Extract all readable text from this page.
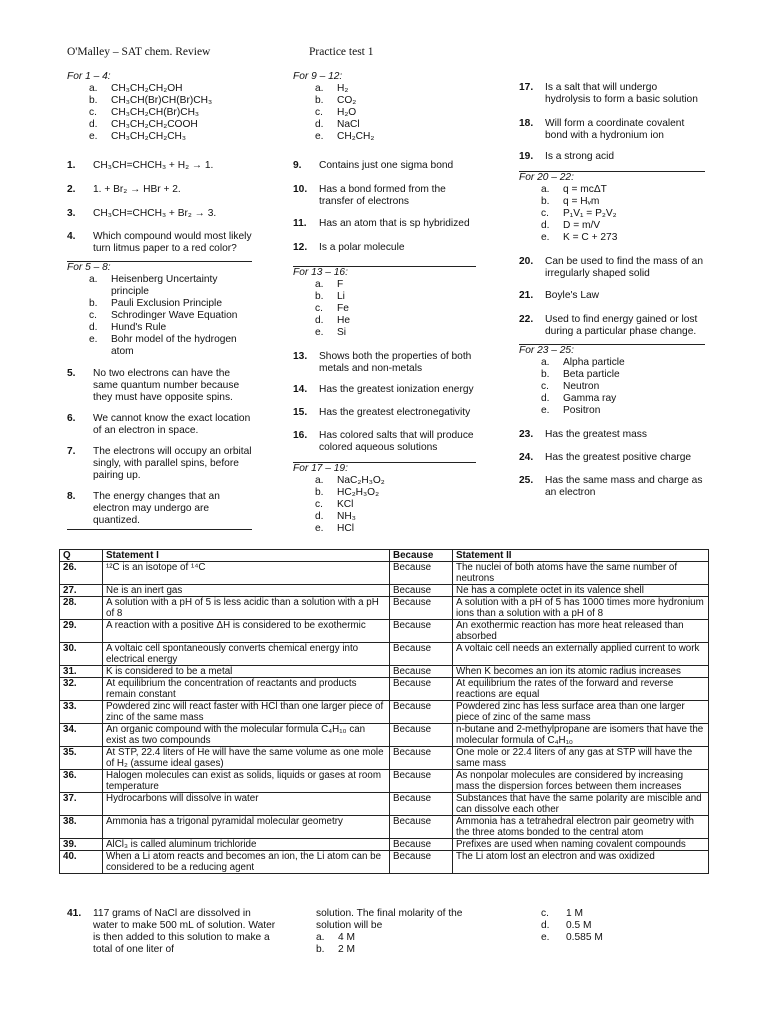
O'Malley – SAT chem. Review	Practice test 1
For 1 – 4:
a.	CH₃CH₂CH₂OH
b.	CH₃CH(Br)CH(Br)CH₃
c.	CH₃CH₂CH(Br)CH₃
d.	CH₃CH₂CH₂COOH
e.	CH₃CH₂CH₂CH₃
1.	CH₃CH=CHCH₃ + H₂ → 1.
2.	1. + Br₂ → HBr + 2.
3.	CH₃CH=CHCH₃ + Br₂ → 3.
4.	Which compound would most likely turn litmus paper to a red color?
For 5 – 8:
a.	Heisenberg Uncertainty principle
b.	Pauli Exclusion Principle
c.	Schrodinger Wave Equation
d.	Hund's Rule
e.	Bohr model of the hydrogen atom
5.	No two electrons can have the same quantum number because they must have opposite spins.
6.	We cannot know the exact location of an electron in space.
7.	The electrons will occupy an orbital singly, with parallel spins, before pairing up.
8.	The energy changes that an electron may undergo are quantized.
For 9 – 12:
a.	H₂
b.	CO₂
c.	H₂O
d.	NaCl
e.	CH₂CH₂
9.	Contains just one sigma bond
10.	Has a bond formed from the transfer of electrons
11.	Has an atom that is sp hybridized
12.	Is a polar molecule
For 13 – 16:
a.	F
b.	Li
c.	Fe
d.	He
e.	Si
13.	Shows both the properties of both metals and non-metals
14.	Has the greatest ionization energy
15.	Has the greatest electronegativity
16.	Has colored salts that will produce colored aqueous solutions
For 17 – 19:
a.	NaC₂H₃O₂
b.	HC₂H₃O₂
c.	KCl
d.	NH₃
e.	HCl
17.	Is a salt that will undergo hydrolysis to form a basic solution
18.	Will form a coordinate covalent bond with a hydronium ion
19.	Is a strong acid
For 20 – 22:
a.	q = mcΔT
b.	q = Hᵥm
c.	P₁V₁ = P₂V₂
d.	D = m/V
e.	K = C + 273
20.	Can be used to find the mass of an irregularly shaped solid
21.	Boyle's Law
22.	Used to find energy gained or lost during a particular phase change.
For 23 – 25:
a.	Alpha particle
b.	Beta particle
c.	Neutron
d.	Gamma ray
e.	Positron
23.	Has the greatest mass
24.	Has the greatest positive charge
25.	Has the same mass and charge as an electron
Q	Statement I	Because	Statement II
26.	¹²C is an isotope of ¹⁴C	Because	The nuclei of both atoms have the same number of neutrons
27.	Ne is an inert gas	Because	Ne has a complete octet in its valence shell
28.	A solution with a pH of 5 is less acidic than a solution with a pH of 8	Because	A solution with a pH of 5 has 1000 times more hydronium ions than a solution with a pH of 8
29.	A reaction with a positive ΔH is considered to be exothermic	Because	An exothermic reaction has more heat released than absorbed
30.	A voltaic cell spontaneously converts chemical energy into electrical energy	Because	A voltaic cell needs an externally applied current to work
31.	K is considered to be a metal	Because	When K becomes an ion its atomic radius increases
32.	At equilibrium the concentration of reactants and products remain constant	Because	At equilibrium the rates of the forward and reverse reactions are equal
33.	Powdered zinc will react faster with HCl than one larger piece of zinc of the same mass	Because	Powdered zinc has less surface area than one larger piece of zinc of the same mass
34.	An organic compound with the molecular formula C₄H₁₀ can exist as two compounds	Because	n-butane and 2-methylpropane are isomers that have the molecular formula of C₄H₁₀
35.	At STP, 22.4 liters of He will have the same volume as one mole of H₂ (assume ideal gases)	Because	One mole or 22.4 liters of any gas at STP will have the same mass
36.	Halogen molecules can exist as solids, liquids or gases at room temperature	Because	As nonpolar molecules are considered by increasing mass the dispersion forces between them increases
37.	Hydrocarbons will dissolve in water	Because	Substances that have the same polarity are miscible and can dissolve each other
38.	Ammonia has a trigonal pyramidal molecular geometry	Because	Ammonia has a tetrahedral electron pair geometry with the three atoms bonded to the central atom
39.	AlCl₃ is called aluminum trichloride	Because	Prefixes are used when naming covalent compounds
40.	When a Li atom reacts and becomes an ion, the Li atom can be considered to be a reducing agent	Because	The Li atom lost an electron and was oxidized
41.	117 grams of NaCl are dissolved in water to make 500 mL of solution. Water is then added to this solution to make a total of one liter of
solution. The final molarity of the solution will be
a.	4 M
b.	2 M
c.	1 M
d.	0.5 M
e.	0.585 M
